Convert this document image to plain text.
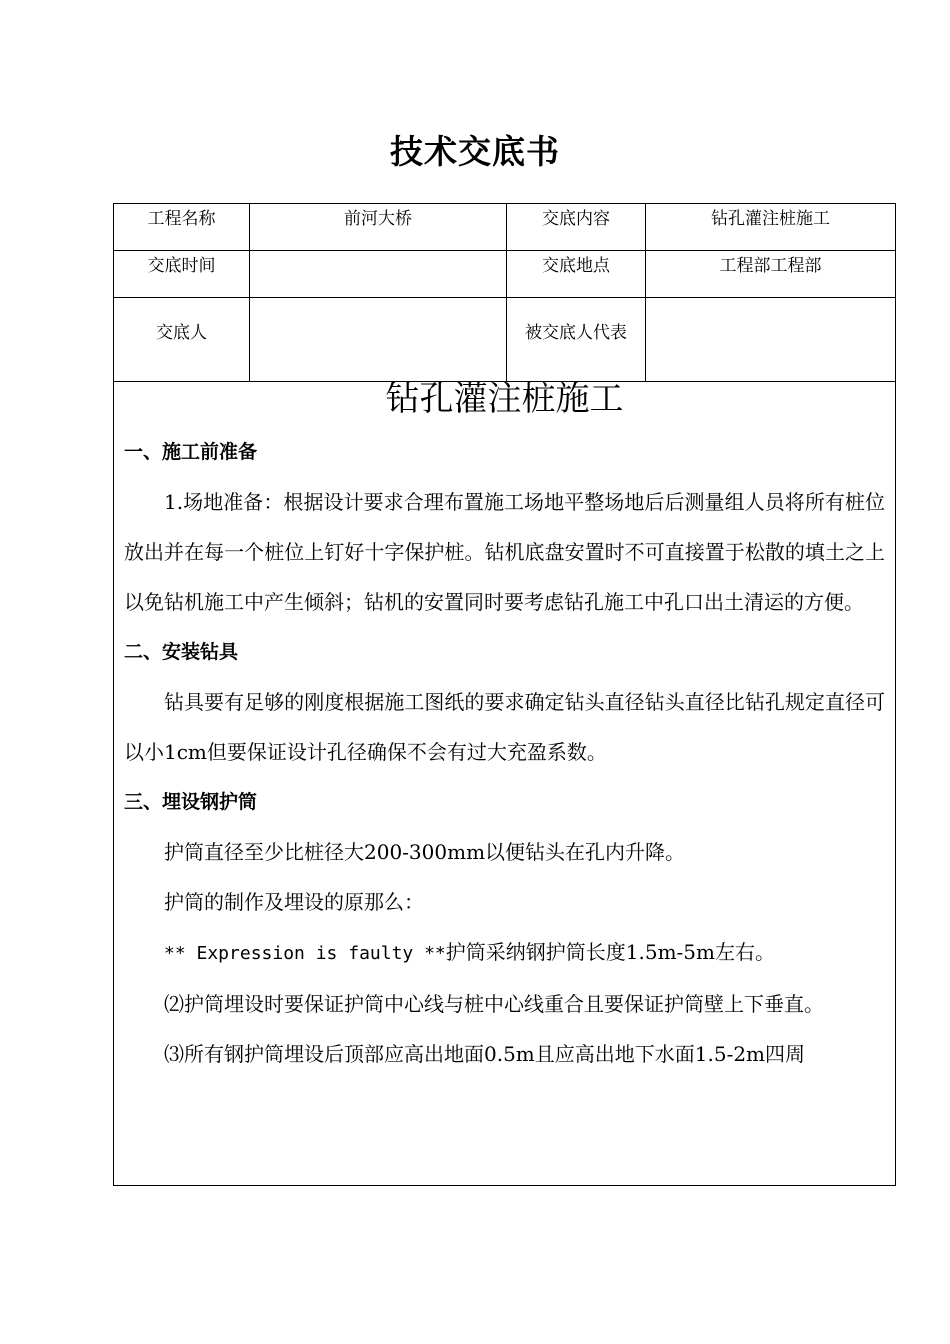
技术交底书
工程名称	前河大桥	交底内容	钻孔灌注桩施工
交底时间		交底地点	工程部工程部
交底人		被交底人代表	
钻孔灌注桩施工
一、施工前准备

1.场地准备：根据设计要求合理布置施工场地平整场地后后测量组人员将所有桩位放出并在每一个桩位上钉好十字保护桩。钻机底盘安置时不可直接置于松散的填土之上以免钻机施工中产生倾斜；钻机的安置同时要考虑钻孔施工中孔口出土清运的方便。

二、安装钻具

钻具要有足够的刚度根据施工图纸的要求确定钻头直径钻头直径比钻孔规定直径可以小1cm但要保证设计孔径确保不会有过大充盈系数。

三、埋设钢护筒

护筒直径至少比桩径大200-300mm以便钻头在孔内升降。

护筒的制作及埋设的原那么：

** Expression is faulty **护筒采纳钢护筒长度1.5m-5m左右。

⑵护筒埋设时要保证护筒中心线与桩中心线重合且要保证护筒壁上下垂直。

⑶所有钢护筒埋设后顶部应高出地面0.5m且应高出地下水面1.5-2m四周
